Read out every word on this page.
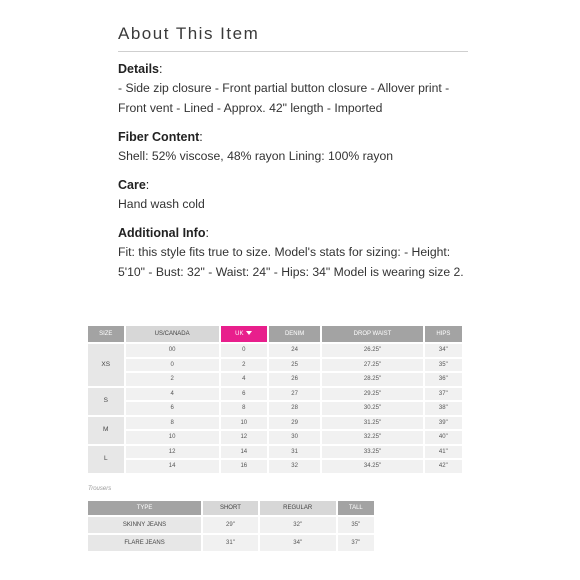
About This Item
Details:
- Side zip closure - Front partial button closure - Allover print - Front vent - Lined - Approx. 42" length - Imported
Fiber Content:
Shell: 52% viscose, 48% rayon Lining: 100% rayon
Care:
Hand wash cold
Additional Info:
Fit: this style fits true to size. Model's stats for sizing: - Height: 5'10" - Bust: 32" - Waist: 24" - Hips: 34" Model is wearing size 2.
SIZE	US/CANADA	UK	DENIM	DROP WAIST	HIPS
XS	00	0	24	26.25"	34"
	0	2	25	27.25"	35"
	2	4	26	28.25"	36"
S	4	6	27	29.25"	37"
	6	8	28	30.25"	38"
M	8	10	29	31.25"	39"
	10	12	30	32.25"	40"
L	12	14	31	33.25"	41"
	14	16	32	34.25"	42"
Trousers
TYPE	SHORT	REGULAR	TALL
SKINNY JEANS	29"	32"	35"
FLARE JEANS	31"	34"	37"
